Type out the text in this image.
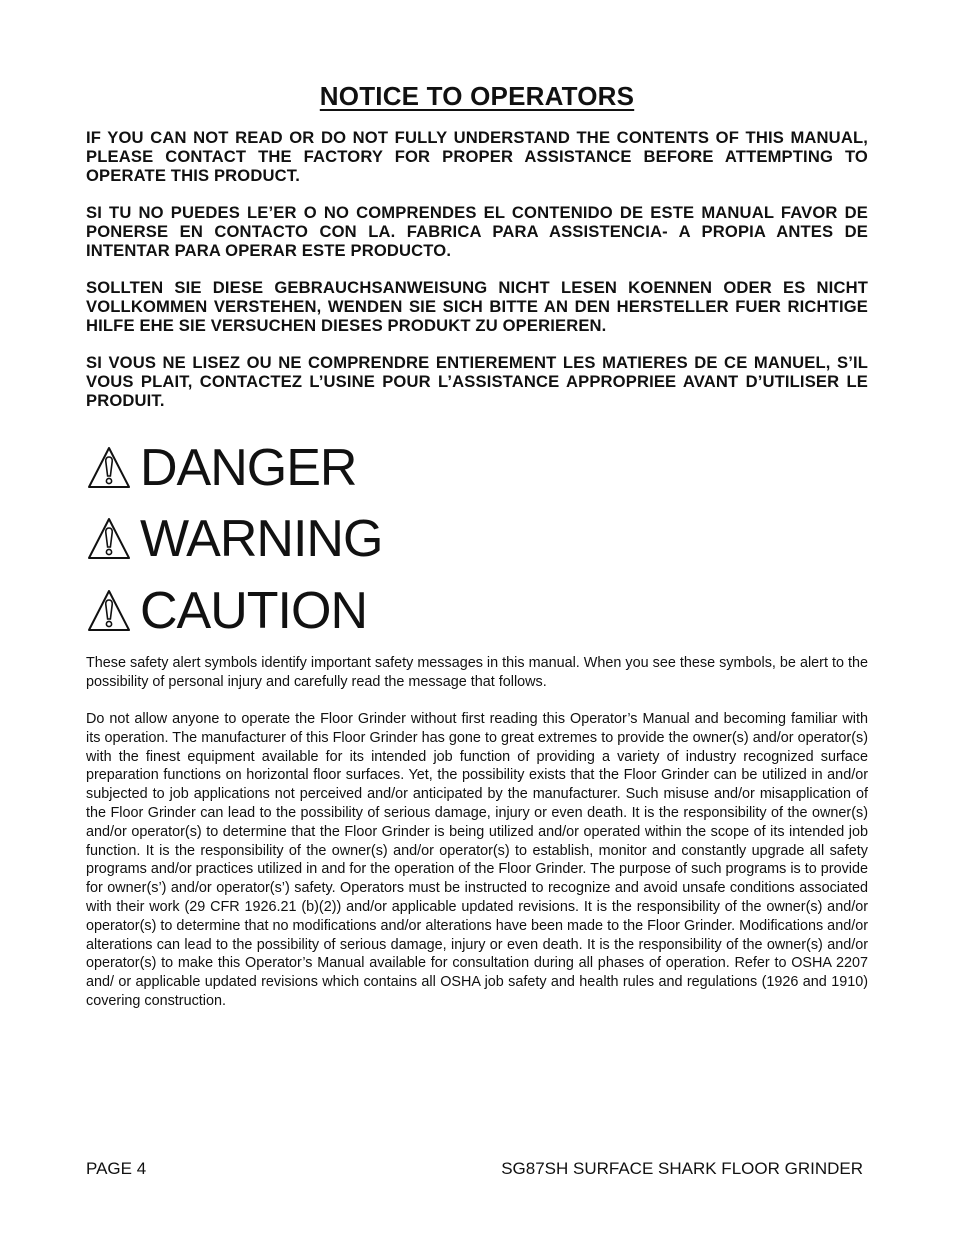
NOTICE TO OPERATORS

IF YOU CAN NOT READ OR DO NOT FULLY UNDERSTAND THE CONTENTS OF THIS MANUAL, PLEASE CONTACT THE FACTORY FOR PROPER ASSISTANCE BEFORE ATTEMPTING TO OPERATE THIS PRODUCT.

SI TU NO PUEDES LE’ER O NO COMPRENDES EL CONTENIDO DE ESTE MANUAL FAVOR DE PONERSE EN CONTACTO CON LA. FABRICA PARA ASSISTENCIA- A PROPIA ANTES DE INTENTAR PARA OPERAR ESTE PRODUCTO.

SOLLTEN SIE DIESE GEBRAUCHSANWEISUNG NICHT LESEN KOENNEN ODER ES NICHT VOLLKOMMEN VERSTEHEN, WENDEN SIE SICH BITTE AN DEN HERSTELLER FUER RICHTIGE HILFE EHE SIE VERSUCHEN DIESES PRODUKT ZU OPERIEREN.

SI VOUS NE LISEZ OU NE COMPRENDRE ENTIEREMENT LES MATIERES DE CE MANUEL, S’IL VOUS PLAIT, CONTACTEZ L’USINE POUR L’ASSISTANCE APPROPRIEE AVANT D’UTILISER LE PRODUIT.

DANGER
WARNING
CAUTION

These safety alert symbols identify important safety messages in this manual. When you see these symbols, be alert to the possibility of personal injury and carefully read the message that follows.

Do not allow anyone to operate the Floor Grinder without first reading this Operator’s Manual and becoming familiar with its operation. The manufacturer of this Floor Grinder has gone to great extremes to provide the owner(s) and/or operator(s) with the finest equipment available for its intended job function of providing a variety of industry recognized surface preparation functions on horizontal floor surfaces. Yet, the possibility exists that the Floor Grinder can be utilized in and/or subjected to job applications not perceived and/or anticipated by the manufacturer. Such misuse and/or misapplication of the Floor Grinder can lead to the possibility of serious damage, injury or even death. It is the responsibility of the owner(s) and/or operator(s) to determine that the Floor Grinder is being utilized and/or operated within the scope of its intended job function. It is the responsibility of the owner(s) and/or operator(s) to establish, monitor and constantly upgrade all safety programs and/or practices utilized in and for the operation of the Floor Grinder. The purpose of such programs is to provide for owner(s’) and/or operator(s’) safety. Operators must be instructed to recognize and avoid unsafe conditions associated with their work (29 CFR 1926.21 (b)(2)) and/or applicable updated revisions. It is the responsibility of the owner(s) and/or operator(s) to determine that no modifications and/or alterations have been made to the Floor Grinder. Modifications and/or alterations can lead to the possibility of serious damage, injury or even death. It is the responsibility of the owner(s) and/or operator(s) to make this Operator’s Manual available for consultation during all phases of operation. Refer to OSHA 2207 and/ or applicable updated revisions which contains all OSHA job safety and health rules and regulations (1926 and 1910) covering construction.

PAGE 4	SG87SH SURFACE SHARK FLOOR GRINDER
